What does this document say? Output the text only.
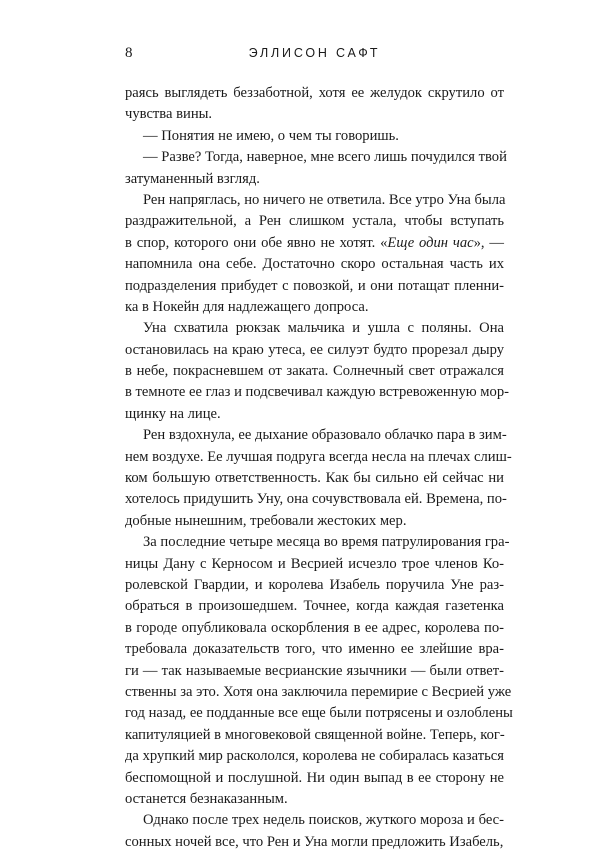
8	ЭЛЛИСОН САФТ
раясь выглядеть беззаботной, хотя ее желудок скрутило от
чувства вины.
— Понятия не имею, о чем ты говоришь.
— Разве? Тогда, наверное, мне всего лишь почудился твой
затуманенный взгляд.
Рен напряглась, но ничего не ответила. Все утро Уна была
раздражительной, а Рен слишком устала, чтобы вступать
в спор, которого они обе явно не хотят. «Еще один час», —
напомнила она себе. Достаточно скоро остальная часть их
подразделения прибудет с повозкой, и они потащат пленни-
ка в Нокейн для надлежащего допроса.
Уна схватила рюкзак мальчика и ушла с поляны. Она
остановилась на краю утеса, ее силуэт будто прорезал дыру
в небе, покрасневшем от заката. Солнечный свет отражался
в темноте ее глаз и подсвечивал каждую встревоженную мор-
щинку на лице.
Рен вздохнула, ее дыхание образовало облачко пара в зим-
нем воздухе. Ее лучшая подруга всегда несла на плечах слиш-
ком большую ответственность. Как бы сильно ей сейчас ни
хотелось придушить Уну, она сочувствовала ей. Времена, по-
добные нынешним, требовали жестоких мер.
За последние четыре месяца во время патрулирования гра-
ницы Дану с Керносом и Весрией исчезло трое членов Ко-
ролевской Гвардии, и королева Изабель поручила Уне раз-
обраться в произошедшем. Точнее, когда каждая газетенка
в городе опубликовала оскорбления в ее адрес, королева по-
требовала доказательств того, что именно ее злейшие вра-
ги — так называемые весрианские язычники — были ответ-
ственны за это. Хотя она заключила перемирие с Весрией уже
год назад, ее подданные все еще были потрясены и озлоблены
капитуляцией в многовековой священной войне. Теперь, ког-
да хрупкий мир раскололся, королева не собиралась казаться
беспомощной и послушной. Ни один выпад в ее сторону не
останется безнаказанным.
Однако после трех недель поисков, жуткого мороза и бес-
сонных ночей все, что Рен и Уна могли предложить Изабель,
